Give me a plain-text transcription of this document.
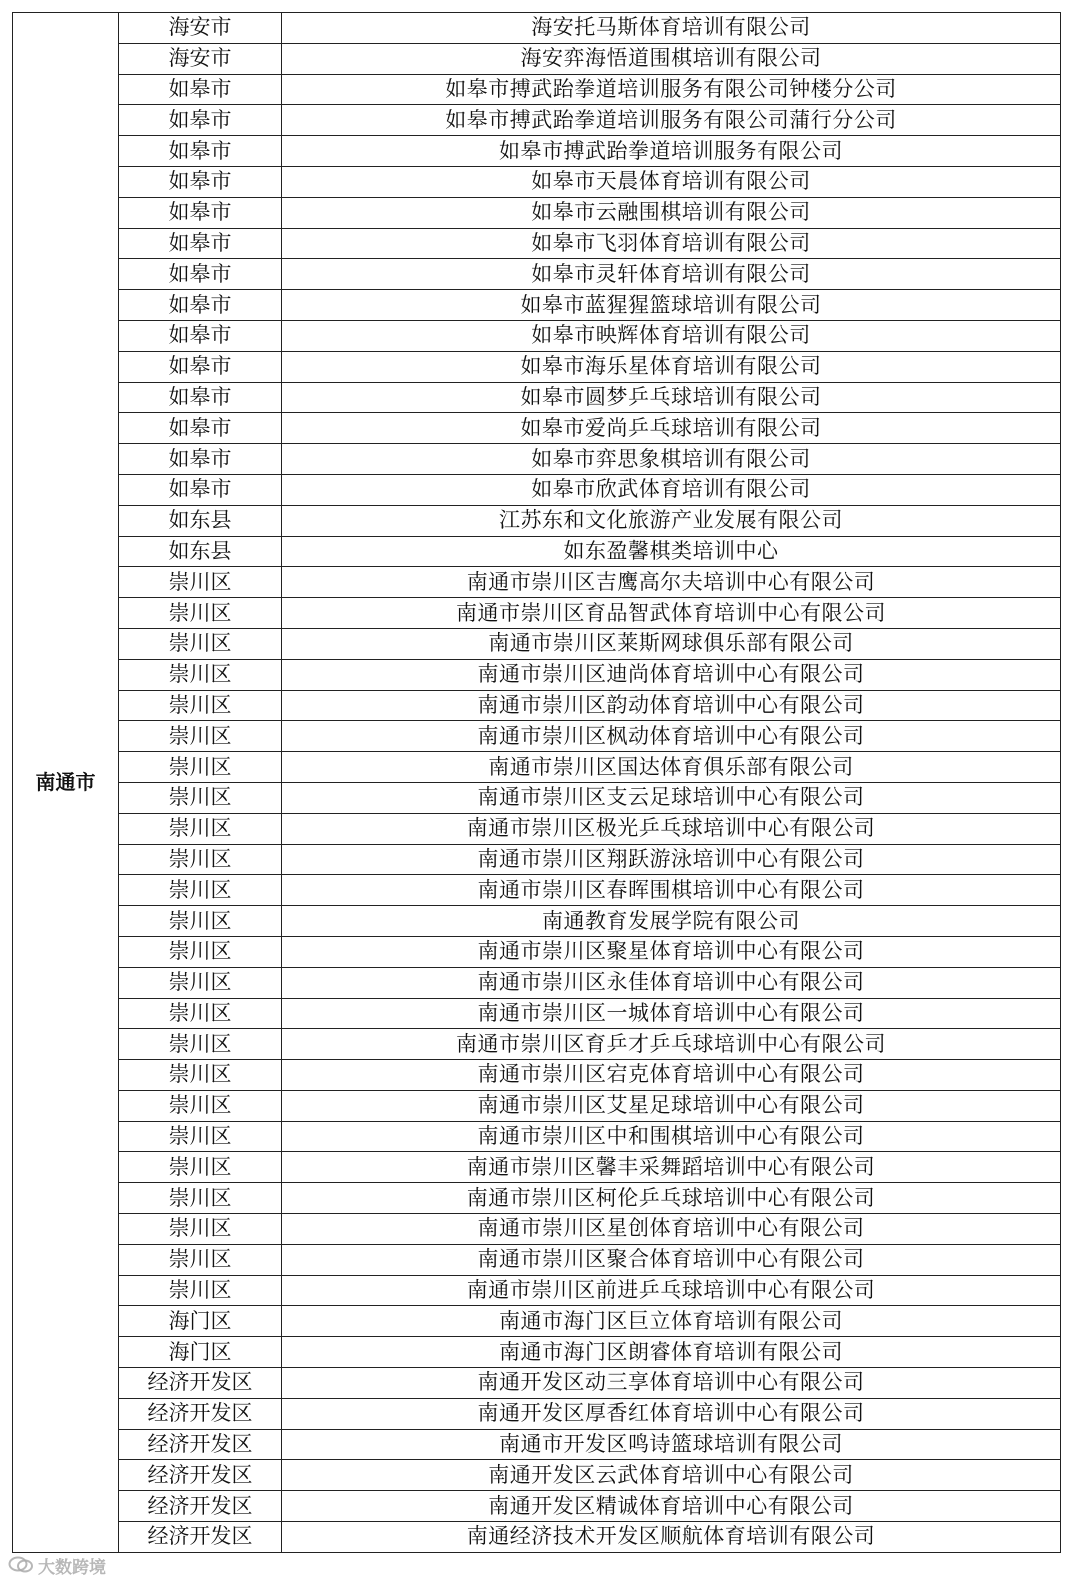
南通市	海安市	海安托马斯体育培训有限公司
	海安市	海安弈海悟道围棋培训有限公司
	如皋市	如皋市搏武跆拳道培训服务有限公司钟楼分公司
	如皋市	如皋市搏武跆拳道培训服务有限公司蒲行分公司
	如皋市	如皋市搏武跆拳道培训服务有限公司
	如皋市	如皋市天晨体育培训有限公司
	如皋市	如皋市云融围棋培训有限公司
	如皋市	如皋市飞羽体育培训有限公司
	如皋市	如皋市灵轩体育培训有限公司
	如皋市	如皋市蓝猩猩篮球培训有限公司
	如皋市	如皋市映辉体育培训有限公司
	如皋市	如皋市海乐星体育培训有限公司
	如皋市	如皋市圆梦乒乓球培训有限公司
	如皋市	如皋市爱尚乒乓球培训有限公司
	如皋市	如皋市弈思象棋培训有限公司
	如皋市	如皋市欣武体育培训有限公司
	如东县	江苏东和文化旅游产业发展有限公司
	如东县	如东盈馨棋类培训中心
	崇川区	南通市崇川区吉鹰高尔夫培训中心有限公司
	崇川区	南通市崇川区育品智武体育培训中心有限公司
	崇川区	南通市崇川区莱斯网球俱乐部有限公司
	崇川区	南通市崇川区迪尚体育培训中心有限公司
	崇川区	南通市崇川区韵动体育培训中心有限公司
	崇川区	南通市崇川区枫动体育培训中心有限公司
	崇川区	南通市崇川区国达体育俱乐部有限公司
	崇川区	南通市崇川区支云足球培训中心有限公司
	崇川区	南通市崇川区极光乒乓球培训中心有限公司
	崇川区	南通市崇川区翔跃游泳培训中心有限公司
	崇川区	南通市崇川区春晖围棋培训中心有限公司
	崇川区	南通教育发展学院有限公司
	崇川区	南通市崇川区聚星体育培训中心有限公司
	崇川区	南通市崇川区永佳体育培训中心有限公司
	崇川区	南通市崇川区一城体育培训中心有限公司
	崇川区	南通市崇川区育乒才乒乓球培训中心有限公司
	崇川区	南通市崇川区宕克体育培训中心有限公司
	崇川区	南通市崇川区艾星足球培训中心有限公司
	崇川区	南通市崇川区中和围棋培训中心有限公司
	崇川区	南通市崇川区馨丰采舞蹈培训中心有限公司
	崇川区	南通市崇川区柯伦乒乓球培训中心有限公司
	崇川区	南通市崇川区星创体育培训中心有限公司
	崇川区	南通市崇川区聚合体育培训中心有限公司
	崇川区	南通市崇川区前进乒乓球培训中心有限公司
	海门区	南通市海门区巨立体育培训有限公司
	海门区	南通市海门区朗睿体育培训有限公司
	经济开发区	南通开发区动三享体育培训中心有限公司
	经济开发区	南通开发区厚香红体育培训中心有限公司
	经济开发区	南通市开发区鸣诗篮球培训有限公司
	经济开发区	南通开发区云武体育培训中心有限公司
	经济开发区	南通开发区精诚体育培训中心有限公司
	经济开发区	南通经济技术开发区顺航体育培训有限公司
大数跨境
